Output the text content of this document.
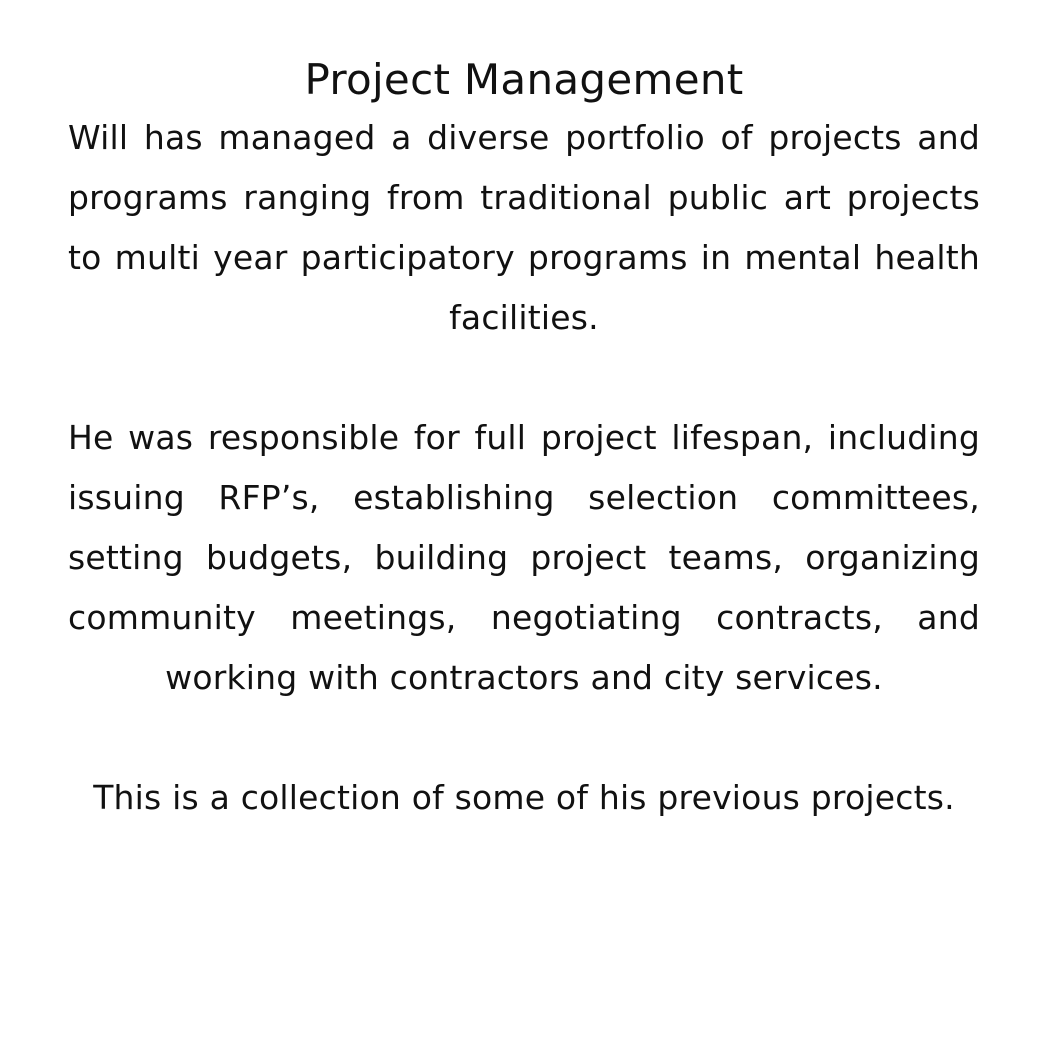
Project Management

Will has managed a diverse portfolio of projects and programs ranging from traditional public art projects to multi year participatory programs in mental health facilities.

He was responsible for full project lifespan, including issuing RFP’s, establishing selection committees, setting budgets, building project teams, organizing community meetings, negotiating contracts, and working with contractors and city services.

This is a collection of some of his previous projects.
